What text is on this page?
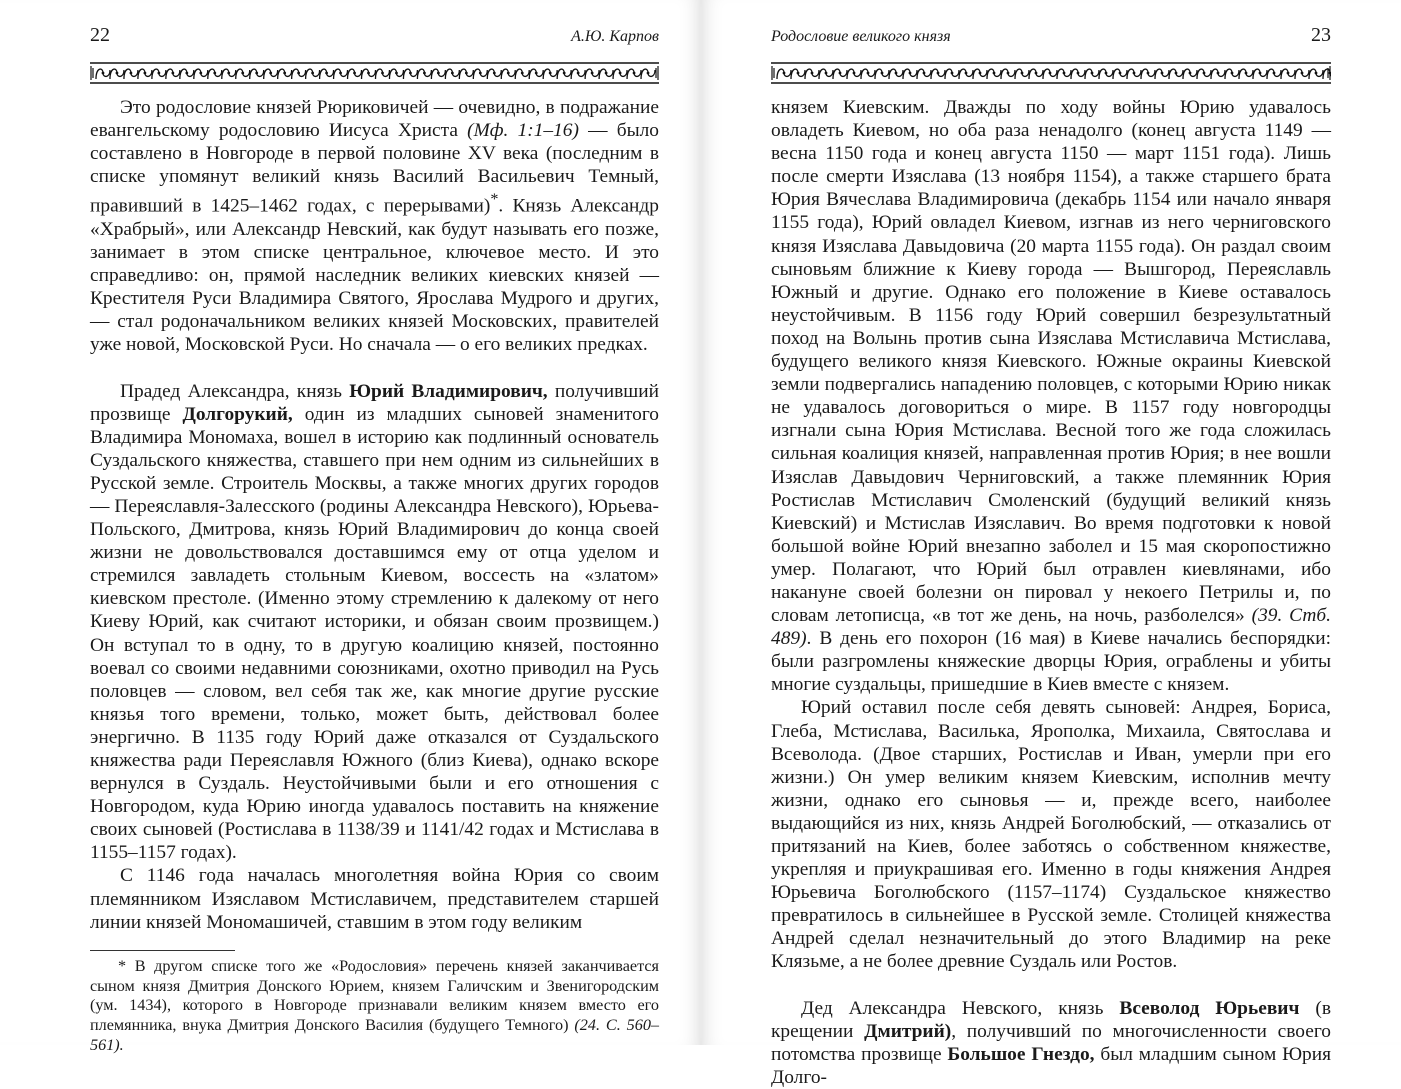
22	А.Ю. Карпов

Это родословие князей Рюриковичей — очевидно, в подражание евангельскому родословию Иисуса Христа (Мф. 1:1–16) — было составлено в Новгороде в первой половине XV века (последним в списке упомянут великий князь Василий Васильевич Темный, правивший в 1425–1462 годах, с перерывами)*. Князь Александр «Храбрый», или Александр Невский, как будут называть его позже, занимает в этом списке центральное, ключевое место. И это справедливо: он, прямой наследник великих киевских князей — Крестителя Руси Владимира Святого, Ярослава Мудрого и других, — стал родоначальником великих князей Московских, правителей уже новой, Московской Руси. Но сначала — о его великих предках.

Прадед Александра, князь Юрий Владимирович, получивший прозвище Долгорукий, один из младших сыновей знаменитого Владимира Мономаха, вошел в историю как подлинный основатель Суздальского княжества, ставшего при нем одним из сильнейших в Русской земле. Строитель Москвы, а также многих других городов — Переяславля-Залесского (родины Александра Невского), Юрьева-Польского, Дмитрова, князь Юрий Владимирович до конца своей жизни не довольствовался доставшимся ему от отца уделом и стремился завладеть стольным Киевом, воссесть на «златом» киевском престоле. (Именно этому стремлению к далекому от него Киеву Юрий, как считают историки, и обязан своим прозвищем.) Он вступал то в одну, то в другую коалицию князей, постоянно воевал со своими недавними союзниками, охотно приводил на Русь половцев — словом, вел себя так же, как многие другие русские князья того времени, только, может быть, действовал более энергично. В 1135 году Юрий даже отказался от Суздальского княжества ради Переяславля Южного (близ Киева), однако вскоре вернулся в Суздаль. Неустойчивыми были и его отношения с Новгородом, куда Юрию иногда удавалось поставить на княжение своих сыновей (Ростислава в 1138/39 и 1141/42 годах и Мстислава в 1155–1157 годах).

С 1146 года началась многолетняя война Юрия со своим племянником Изяславом Мстиславичем, представителем старшей линии князей Мономашичей, ставшим в этом году великим

* В другом списке того же «Родословия» перечень князей заканчивается сыном князя Дмитрия Донского Юрием, князем Галичским и Звенигородским (ум. 1434), которого в Новгороде признавали великим князем вместо его племянника, внука Дмитрия Донского Василия (будущего Темного) (24. С. 560–561).

Родословие великого князя	23

князем Киевским. Дважды по ходу войны Юрию удавалось овладеть Киевом, но оба раза ненадолго (конец августа 1149 — весна 1150 года и конец августа 1150 — март 1151 года). Лишь после смерти Изяслава (13 ноября 1154), а также старшего брата Юрия Вячеслава Владимировича (декабрь 1154 или начало января 1155 года), Юрий овладел Киевом, изгнав из него черниговского князя Изяслава Давыдовича (20 марта 1155 года). Он раздал своим сыновьям ближние к Киеву города — Вышгород, Переяславль Южный и другие. Однако его положение в Киеве оставалось неустойчивым. В 1156 году Юрий совершил безрезультатный поход на Волынь против сына Изяслава Мстиславича Мстислава, будущего великого князя Киевского. Южные окраины Киевской земли подвергались нападению половцев, с которыми Юрию никак не удавалось договориться о мире. В 1157 году новгородцы изгнали сына Юрия Мстислава. Весной того же года сложилась сильная коалиция князей, направленная против Юрия; в нее вошли Изяслав Давыдович Черниговский, а также племянник Юрия Ростислав Мстиславич Смоленский (будущий великий князь Киевский) и Мстислав Изяславич. Во время подготовки к новой большой войне Юрий внезапно заболел и 15 мая скоропостижно умер. Полагают, что Юрий был отравлен киевлянами, ибо накануне своей болезни он пировал у некоего Петрилы и, по словам летописца, «в тот же день, на ночь, разболелся» (39. Стб. 489). В день его похорон (16 мая) в Киеве начались беспорядки: были разгромлены княжеские дворцы Юрия, ограблены и убиты многие суздальцы, пришедшие в Киев вместе с князем.

Юрий оставил после себя девять сыновей: Андрея, Бориса, Глеба, Мстислава, Василька, Ярополка, Михаила, Святослава и Всеволода. (Двое старших, Ростислав и Иван, умерли при его жизни.) Он умер великим князем Киевским, исполнив мечту жизни, однако его сыновья — и, прежде всего, наиболее выдающийся из них, князь Андрей Боголюбский, — отказались от притязаний на Киев, более заботясь о собственном княжестве, укрепляя и приукрашивая его. Именно в годы княжения Андрея Юрьевича Боголюбского (1157–1174) Суздальское княжество превратилось в сильнейшее в Русской земле. Столицей княжества Андрей сделал незначительный до этого Владимир на реке Клязьме, а не более древние Суздаль или Ростов.

Дед Александра Невского, князь Всеволод Юрьевич (в крещении Дмитрий), получивший по многочисленности своего потомства прозвище Большое Гнездо, был младшим сыном Юрия Долго-
